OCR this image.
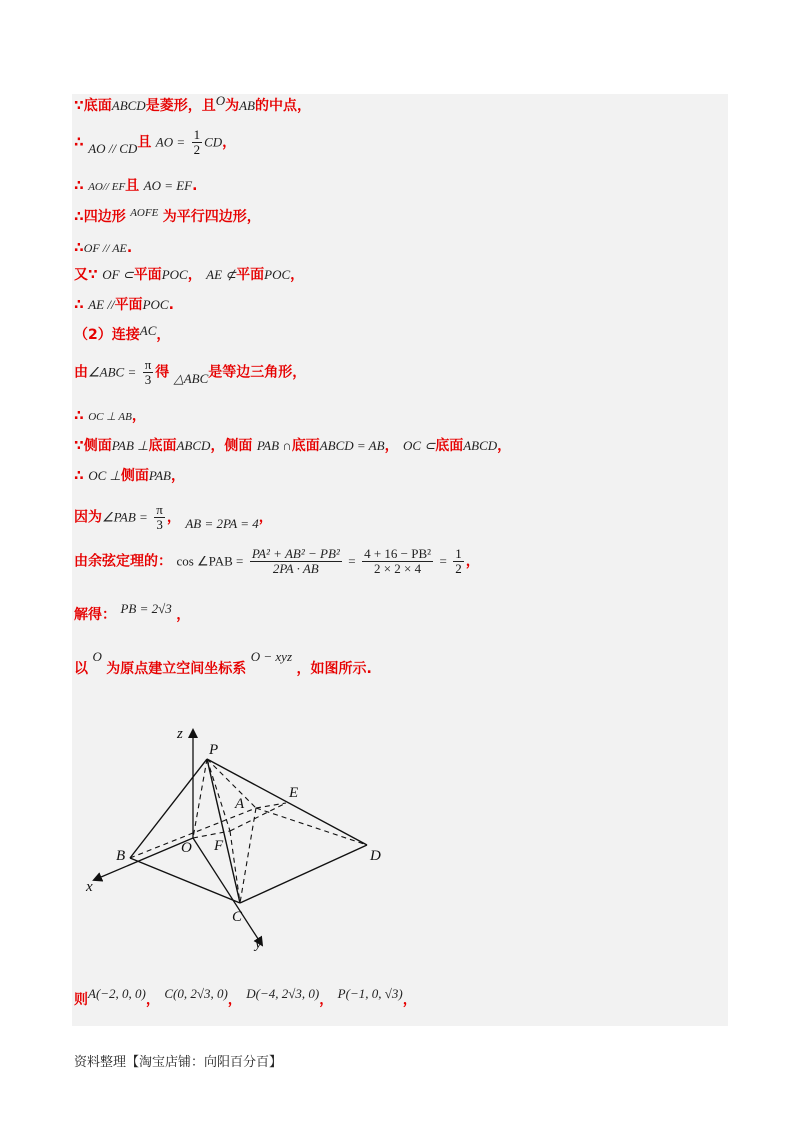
∵底面ABCD是菱形，且O为AB的中点，
∴ AO // CD且 AO = $\frac{1}{2}$ CD，
∴ AO// EF且 AO = EF.
∴四边形 $^{AOFE}$ 为平行四边形，
∴OF // AE.
又∵ OF ⊂平面POC， AE ⊄平面POC，
∴ AE //平面POC.
（2）连接AC，
由∠ABC = $\frac{\pi}{3}$ 得 △ABC是等边三角形，
∴ OC ⊥ AB，
∵侧面PAB ⊥底面ABCD，侧面 PAB ∩底面ABCD = AB， OC ⊂底面ABCD，
∴ OC ⊥侧面PAB，
因为∠PAB = $\frac{\pi}{3}$ ， AB = 2PA = 4，
由余弦定理的： cos ∠PAB = $\frac{\text{PA² + AB² − PB²}}{2PA \cdot AB} = \frac{\text{4 + 16 − PB²}}{2 \times 2 \times 4} = \frac{1}{2}$ ，
解得： PB = 2√3 ，
以 O 为原点建立空间坐标系 O − xyz ，如图所示.
z
P
E
A
B	O F
D
x
C
y
则A(−2, 0, 0)， C(0, 2√3, 0)， D(−4, 2√3, 0)， P(−1, 0, √3)，
资料整理【淘宝店铺：向阳百分百】
